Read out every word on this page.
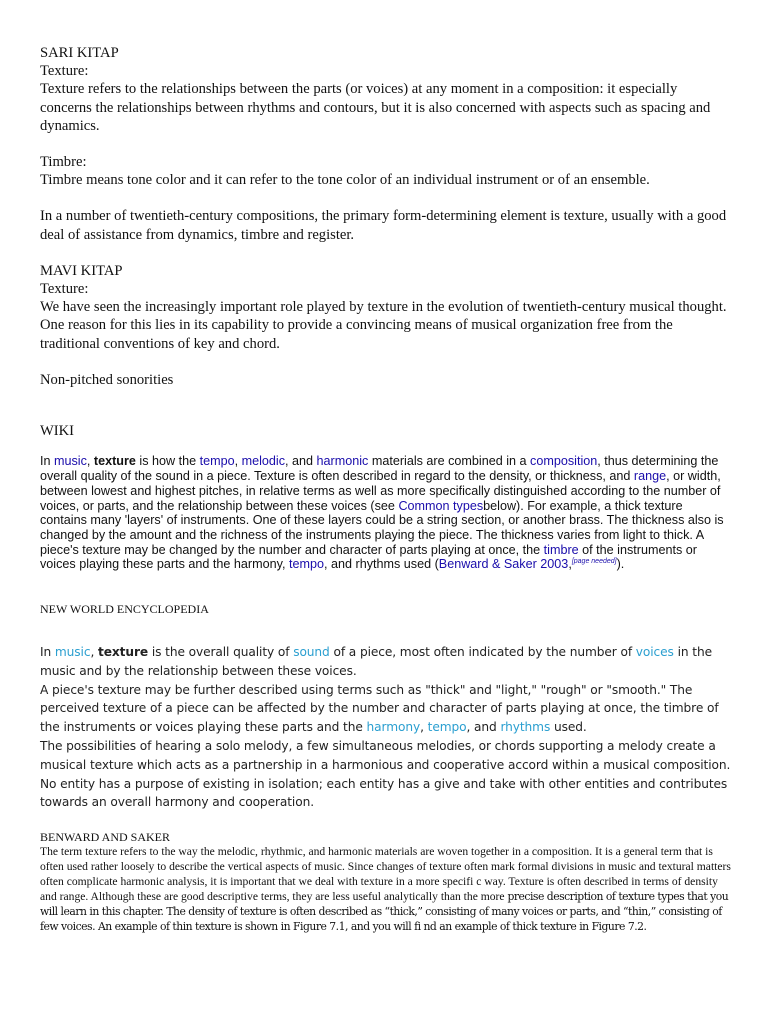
SARI KITAP

Texture:

Texture refers to the relationships between the parts (or voices) at any moment in a composition: it especially concerns the relationships between rhythms and contours, but it is also concerned with aspects such as spacing and dynamics.

Timbre:

Timbre means tone color and it can refer to the tone color of an individual instrument or of an ensemble.

In a number of twentieth-century compositions, the primary form-determining element is texture, usually with a good deal of assistance from dynamics, timbre and register.

MAVI KITAP

Texture:

We have seen the increasingly important role played by texture in the evolution of twentieth-century musical thought. One reason for this lies in its capability to provide a convincing means of musical organization free from the traditional conventions of key and chord.

Non-pitched sonorities

WIKI

In music, texture is how the tempo, melodic, and harmonic materials are combined in a composition, thus determining the overall quality of the sound in a piece. Texture is often described in regard to the density, or thickness, and range, or width, between lowest and highest pitches, in relative terms as well as more specifically distinguished according to the number of voices, or parts, and the relationship between these voices (see Common typesbelow). For example, a thick texture contains many 'layers' of instruments. One of these layers could be a string section, or another brass. The thickness also is changed by the amount and the richness of the instruments playing the piece. The thickness varies from light to thick. A piece's texture may be changed by the number and character of parts playing at once, the timbre of the instruments or voices playing these parts and the harmony, tempo, and rhythms used (Benward & Saker 2003,[page needed]).

NEW WORLD ENCYCLOPEDIA

In music, texture is the overall quality of sound of a piece, most often indicated by the number of voices in the music and by the relationship between these voices.
A piece's texture may be further described using terms such as "thick" and "light," "rough" or "smooth." The perceived texture of a piece can be affected by the number and character of parts playing at once, the timbre of the instruments or voices playing these parts and the harmony, tempo, and rhythms used.
The possibilities of hearing a solo melody, a few simultaneous melodies, or chords supporting a melody create a musical texture which acts as a partnership in a harmonious and cooperative accord within a musical composition. No entity has a purpose of existing in isolation; each entity has a give and take with other entities and contributes towards an overall harmony and cooperation.

BENWARD AND SAKER

The term texture refers to the way the melodic, rhythmic, and harmonic materials are woven together in a composition. It is a general term that is often used rather loosely to describe the vertical aspects of music. Since changes of texture often mark formal divisions in music and textural matters often complicate harmonic analysis, it is important that we deal with texture in a more specifi c way. Texture is often described in terms of density and range. Although these are good descriptive terms, they are less useful analytically than the more precise description of texture types that you will learn in this chapter. The density of texture is often described as “thick,” consisting of many voices or parts, and “thin,” consisting of few voices. An example of thin texture is shown in Figure 7.1, and you will fi nd an example of thick texture in Figure 7.2.
